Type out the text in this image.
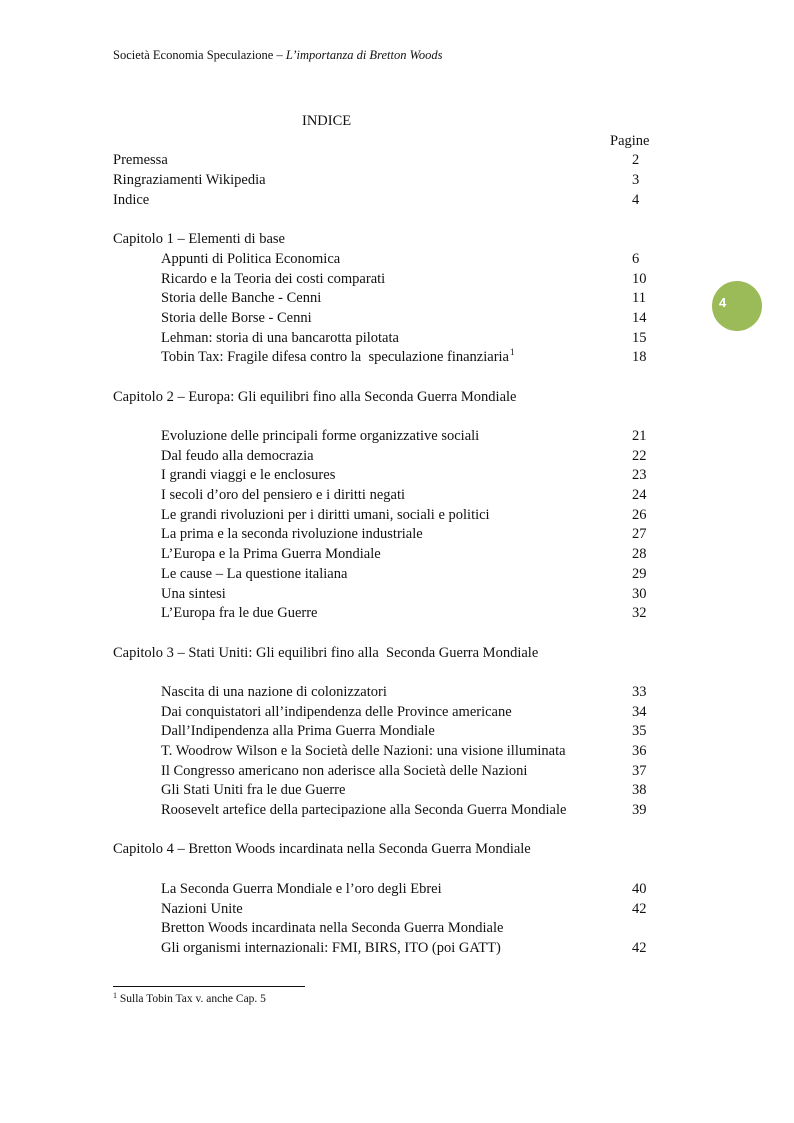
Società Economia Speculazione – L’importanza di Bretton Woods
4
INDICE
Pagine
Premessa	2
Ringraziamenti Wikipedia	3
Indice	4
Capitolo 1 – Elementi di base
Appunti di Politica Economica	6
Ricardo e la Teoria dei costi comparati	10
Storia delle Banche - Cenni	11
Storia delle Borse - Cenni	14
Lehman: storia di una bancarotta pilotata	15
Tobin Tax: Fragile difesa contro la  speculazione finanziaria$^1$	18
Capitolo 2 – Europa: Gli equilibri fino alla Seconda Guerra Mondiale
Evoluzione delle principali forme organizzative sociali	21
Dal feudo alla democrazia	22
I grandi viaggi e le enclosures	23
I secoli d’oro del pensiero e i diritti negati	24
Le grandi rivoluzioni per i diritti umani, sociali e politici	26
La prima e la seconda rivoluzione industriale	27
L’Europa e la Prima Guerra Mondiale	28
Le cause – La questione italiana	29
Una sintesi	30
L’Europa fra le due Guerre	32
Capitolo 3 – Stati Uniti: Gli equilibri fino alla  Seconda Guerra Mondiale
Nascita di una nazione di colonizzatori	33
Dai conquistatori all’indipendenza delle Province americane	34
Dall’Indipendenza alla Prima Guerra Mondiale	35
T. Woodrow Wilson e la Società delle Nazioni: una visione illuminata	36
Il Congresso americano non aderisce alla Società delle Nazioni	37
Gli Stati Uniti fra le due Guerre	38
Roosevelt artefice della partecipazione alla Seconda Guerra Mondiale	39
Capitolo 4 – Bretton Woods incardinata nella Seconda Guerra Mondiale
La Seconda Guerra Mondiale e l’oro degli Ebrei	40
Nazioni Unite	42
Bretton Woods incardinata nella Seconda Guerra Mondiale
Gli organismi internazionali: FMI, BIRS, ITO (poi GATT)	42
$^1$ Sulla Tobin Tax v. anche Cap. 5
